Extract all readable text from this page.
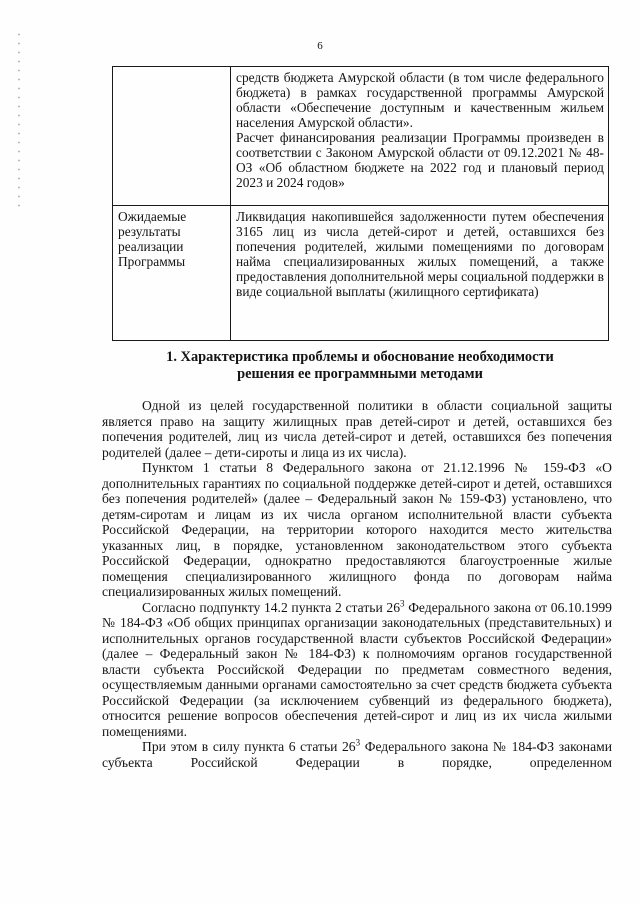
6

	средств бюджета Амурской области (в том числе федерального бюджета) в рамках государственной программы Амурской области «Обеспечение доступным и качественным жильем населения Амурской области».
Расчет финансирования реализации Программы произведен в соответствии с Законом Амурской области от 09.12.2021 № 48-ОЗ «Об областном бюджете на 2022 год и плановый период 2023 и 2024 годов»

Ожидаемые результаты реализации Программы	Ликвидация накопившейся задолженности путем обеспечения 3165 лиц из числа детей-сирот и детей, оставшихся без попечения родителей, жилыми помещениями по договорам найма специализированных жилых помещений, а также предоставления дополнительной меры социальной поддержки в виде социальной выплаты (жилищного сертификата)
1. Характеристика проблемы и обоснование необходимости
решения ее программными методами

Одной из целей государственной политики в области социальной защиты является право на защиту жилищных прав детей-сирот и детей, оставшихся без попечения родителей, лиц из числа детей-сирот и детей, оставшихся без попечения родителей (далее – дети-сироты и лица из их числа).

Пунктом 1 статьи 8 Федерального закона от 21.12.1996 № 159-ФЗ «О дополнительных гарантиях по социальной поддержке детей-сирот и детей, оставшихся без попечения родителей» (далее – Федеральный закон № 159-ФЗ) установлено, что детям-сиротам и лицам из их числа органом исполнительной власти субъекта Российской Федерации, на территории которого находится место жительства указанных лиц, в порядке, установленном законодательством этого субъекта Российской Федерации, однократно предоставляются благоустроенные жилые помещения специализированного жилищного фонда по договорам найма специализированных жилых помещений.

Согласно подпункту 14.2 пункта 2 статьи $26^3$ Федерального закона от 06.10.1999 № 184-ФЗ «Об общих принципах организации законодательных (представительных) и исполнительных органов государственной власти субъектов Российской Федерации» (далее – Федеральный закон № 184-ФЗ) к полномочиям органов государственной власти субъекта Российской Федерации по предметам совместного ведения, осуществляемым данными органами самостоятельно за счет средств бюджета субъекта Российской Федерации (за исключением субвенций из федерального бюджета), относится решение вопросов обеспечения детей-сирот и лиц из их числа жилыми помещениями.

При этом в силу пункта 6 статьи $26^3$ Федерального закона № 184-ФЗ законами субъекта Российской Федерации в порядке, определенном
